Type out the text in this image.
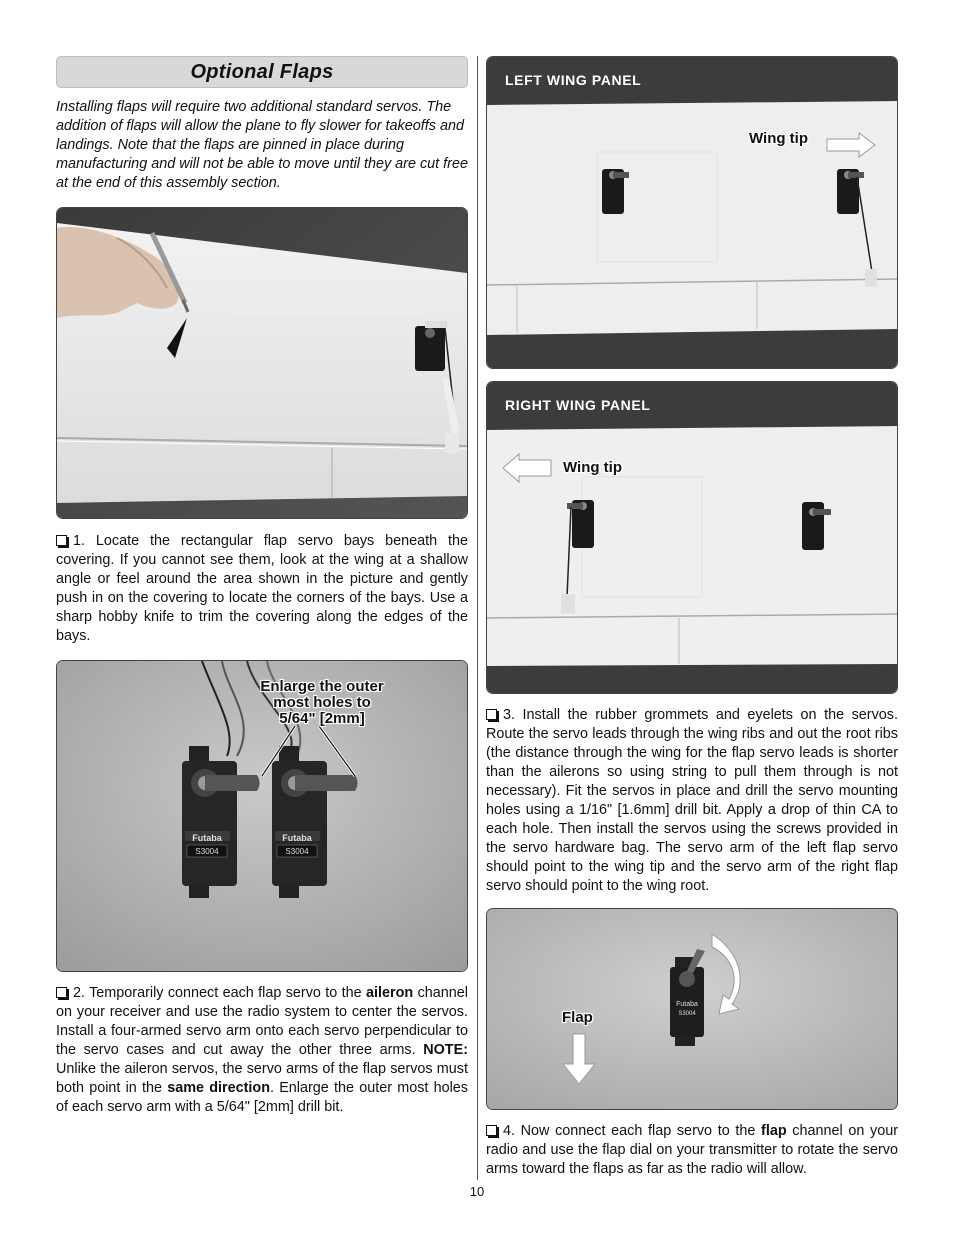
Optional Flaps

Installing flaps will require two additional standard servos. The addition of flaps will allow the plane to fly slower for takeoffs and landings. Note that the flaps are pinned in place during manufacturing and will not be able to move until they are cut free at the end of this assembly section.

1. Locate the rectangular flap servo bays beneath the covering. If you cannot see them, look at the wing at a shallow angle or feel around the area shown in the picture and gently push in on the covering to locate the corners of the bays. Use a sharp hobby knife to trim the covering along the edges of the bays.

Futaba
S3004
Futaba
S3004
Enlarge the outer
most holes to
5/64" [2mm]

2. Temporarily connect each flap servo to the aileron channel on your receiver and use the radio system to center the servos. Install a four-armed servo arm onto each servo perpendicular to the servo cases and cut away the other three arms. NOTE: Unlike the aileron servos, the servo arms of the flap servos must both point in the same direction. Enlarge the outer most holes of each servo arm with a 5/64" [2mm] drill bit.

LEFT WING PANEL
Wing tip
RIGHT WING PANEL
Wing tip

3. Install the rubber grommets and eyelets on the servos. Route the servo leads through the wing ribs and out the root ribs (the distance through the wing for the flap servo leads is shorter than the ailerons so using string to pull them through is not necessary). Fit the servos in place and drill the servo mounting holes using a 1/16" [1.6mm] drill bit. Apply a drop of thin CA to each hole. Then install the servos using the screws provided in the servo hardware bag. The servo arm of the left flap servo should point to the wing tip and the servo arm of the right flap servo should point to the wing root.

Futaba
S3004
Flap

4. Now connect each flap servo to the flap channel on your radio and use the flap dial on your transmitter to rotate the servo arms toward the flaps as far as the radio will allow.

10
